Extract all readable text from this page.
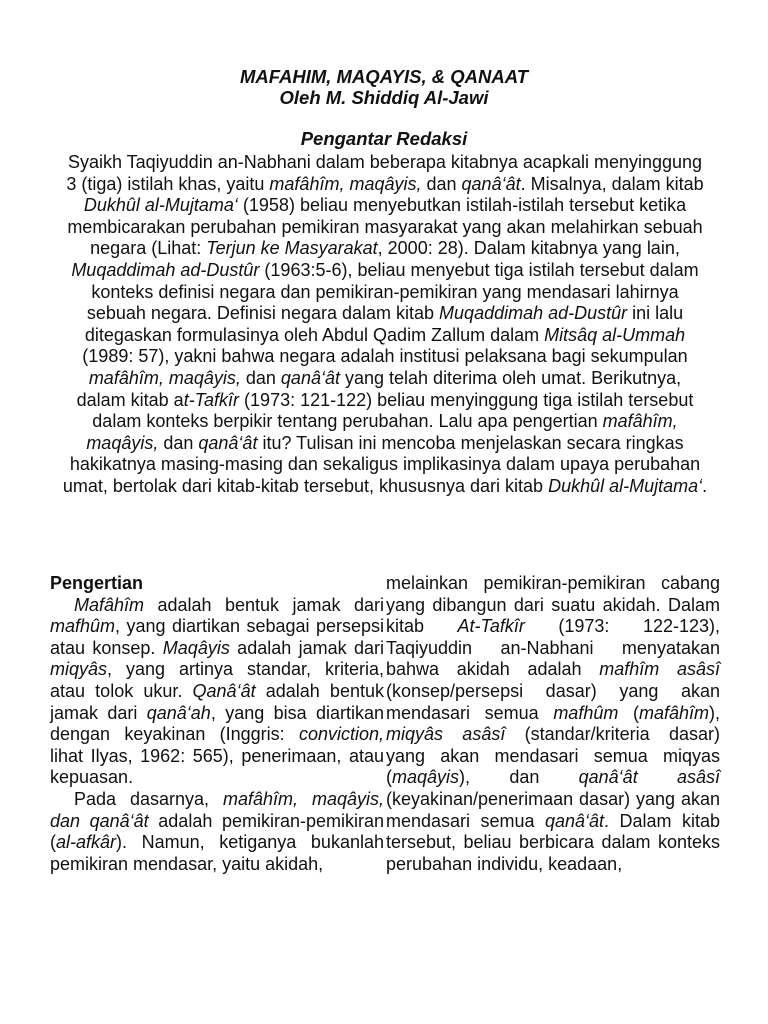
MAFAHIM, MAQAYIS, & QANAAT
Oleh M. Shiddiq Al-Jawi
Pengantar Redaksi

Syaikh Taqiyuddin an-Nabhani dalam beberapa kitabnya acapkali menyinggung 3 (tiga) istilah khas, yaitu mafâhîm, maqâyis, dan qanâ‘ât. Misalnya, dalam kitab Dukhûl al-Mujtama‘ (1958) beliau menyebutkan istilah-istilah tersebut ketika membicarakan perubahan pemikiran masyarakat yang akan melahirkan sebuah negara (Lihat: Terjun ke Masyarakat, 2000: 28). Dalam kitabnya yang lain, Muqaddimah ad-Dustûr (1963:5-6), beliau menyebut tiga istilah tersebut dalam konteks definisi negara dan pemikiran-pemikiran yang mendasari lahirnya sebuah negara. Definisi negara dalam kitab Muqaddimah ad-Dustûr ini lalu ditegaskan formulasinya oleh Abdul Qadim Zallum dalam Mitsâq al-Ummah (1989: 57), yakni bahwa negara adalah institusi pelaksana bagi sekumpulan mafâhîm, maqâyis, dan qanâ‘ât yang telah diterima oleh umat. Berikutnya, dalam kitab at-Tafkîr (1973: 121-122) beliau menyinggung tiga istilah tersebut dalam konteks berpikir tentang perubahan. Lalu apa pengertian mafâhîm, maqâyis, dan qanâ‘ât itu? Tulisan ini mencoba menjelaskan secara ringkas hakikatnya masing-masing dan sekaligus implikasinya dalam upaya perubahan umat, bertolak dari kitab-kitab tersebut, khususnya dari kitab Dukhûl al-Mujtama‘.

Pengertian

Mafâhîm adalah bentuk jamak dari mafhûm, yang diartikan sebagai persepsi atau konsep. Maqâyis adalah jamak dari miqyâs, yang artinya standar, kriteria, atau tolok ukur. Qanâ‘ât adalah bentuk jamak dari qanâ‘ah, yang bisa diartikan dengan keyakinan (Inggris: conviction, lihat Ilyas, 1962: 565), penerimaan, atau kepuasan.

Pada dasarnya, mafâhîm, maqâyis, dan qanâ‘ât adalah pemikiran-pemikiran (al-afkâr). Namun, ketiganya bukanlah pemikiran mendasar, yaitu akidah,

melainkan pemikiran-pemikiran cabang yang dibangun dari suatu akidah. Dalam kitab At-Tafkîr (1973: 122-123), Taqiyuddin an-Nabhani menyatakan bahwa akidah adalah mafhîm asâsî (konsep/persepsi dasar) yang akan mendasari semua mafhûm (mafâhîm), miqyâs asâsî (standar/kriteria dasar) yang akan mendasari semua miqyas (maqâyis), dan qanâ‘ât asâsî (keyakinan/penerimaan dasar) yang akan mendasari semua qanâ‘ât. Dalam kitab tersebut, beliau berbicara dalam konteks perubahan individu, keadaan,
